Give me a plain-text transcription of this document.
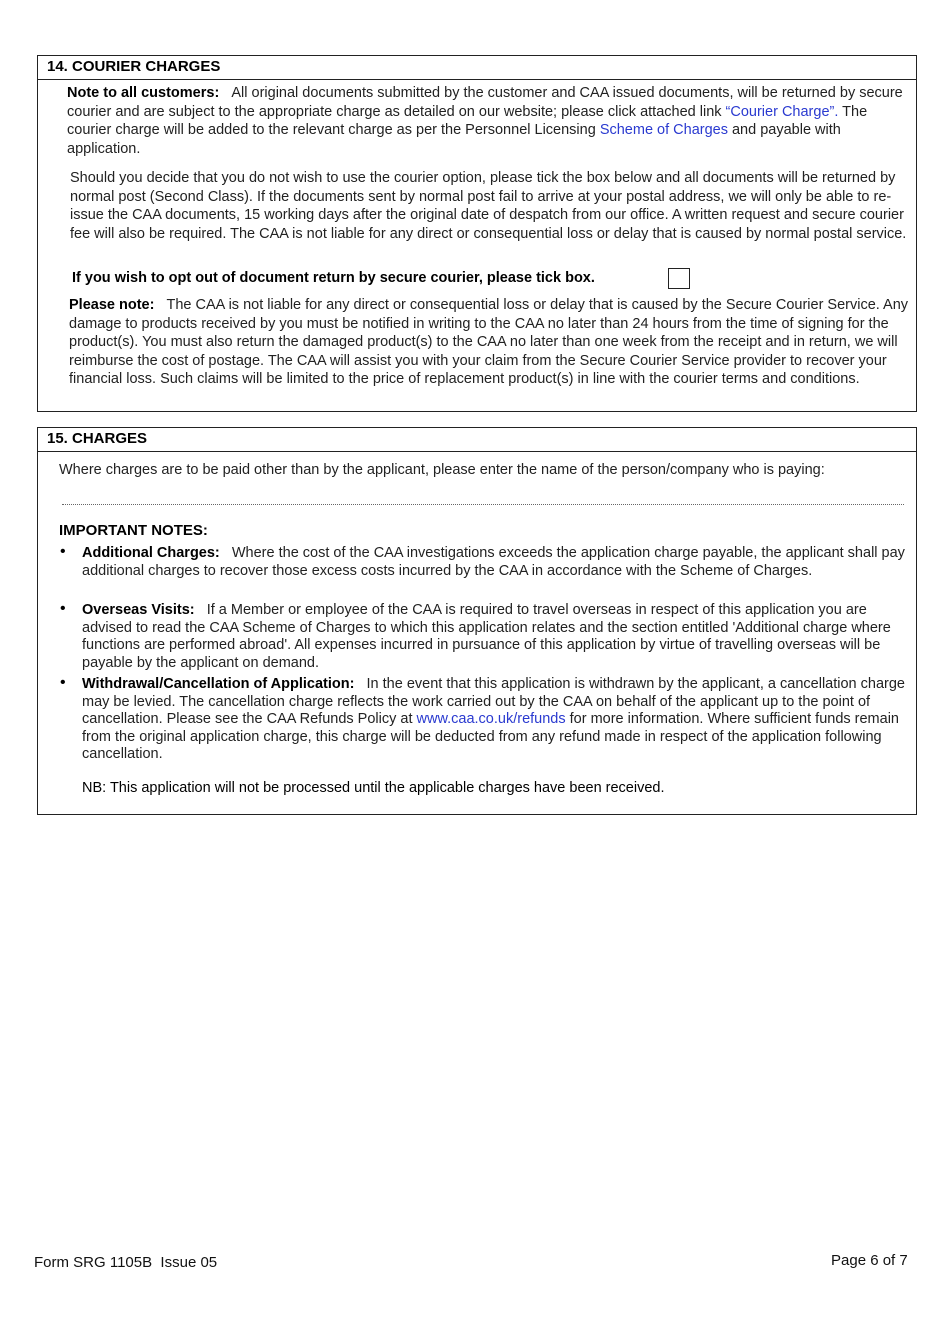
14. COURIER CHARGES
Note to all customers: All original documents submitted by the customer and CAA issued documents, will be returned by secure courier and are subject to the appropriate charge as detailed on our website; please click attached link “Courier Charge”. The courier charge will be added to the relevant charge as per the Personnel Licensing Scheme of Charges and payable with application.
Should you decide that you do not wish to use the courier option, please tick the box below and all documents will be returned by normal post (Second Class). If the documents sent by normal post fail to arrive at your postal address, we will only be able to re-issue the CAA documents, 15 working days after the original date of despatch from our office. A written request and secure courier fee will also be required. The CAA is not liable for any direct or consequential loss or delay that is caused by normal postal service.
If you wish to opt out of document return by secure courier, please tick box.
Please note: The CAA is not liable for any direct or consequential loss or delay that is caused by the Secure Courier Service. Any damage to products received by you must be notified in writing to the CAA no later than 24 hours from the time of signing for the product(s). You must also return the damaged product(s) to the CAA no later than one week from the receipt and in return, we will reimburse the cost of postage. The CAA will assist you with your claim from the Secure Courier Service provider to recover your financial loss. Such claims will be limited to the price of replacement product(s) in line with the courier terms and conditions.
15. CHARGES
Where charges are to be paid other than by the applicant, please enter the name of the person/company who is paying:
IMPORTANT NOTES:
• Additional Charges: Where the cost of the CAA investigations exceeds the application charge payable, the applicant shall pay additional charges to recover those excess costs incurred by the CAA in accordance with the Scheme of Charges.
• Overseas Visits: If a Member or employee of the CAA is required to travel overseas in respect of this application you are advised to read the CAA Scheme of Charges to which this application relates and the section entitled 'Additional charge where functions are performed abroad'. All expenses incurred in pursuance of this application by virtue of travelling overseas will be payable by the applicant on demand.
• Withdrawal/Cancellation of Application: In the event that this application is withdrawn by the applicant, a cancellation charge may be levied. The cancellation charge reflects the work carried out by the CAA on behalf of the applicant up to the point of cancellation. Please see the CAA Refunds Policy at www.caa.co.uk/refunds for more information. Where sufficient funds remain from the original application charge, this charge will be deducted from any refund made in respect of the application following cancellation.
NB: This application will not be processed until the applicable charges have been received.
Form SRG 1105B  Issue 05	Page 6 of 7
